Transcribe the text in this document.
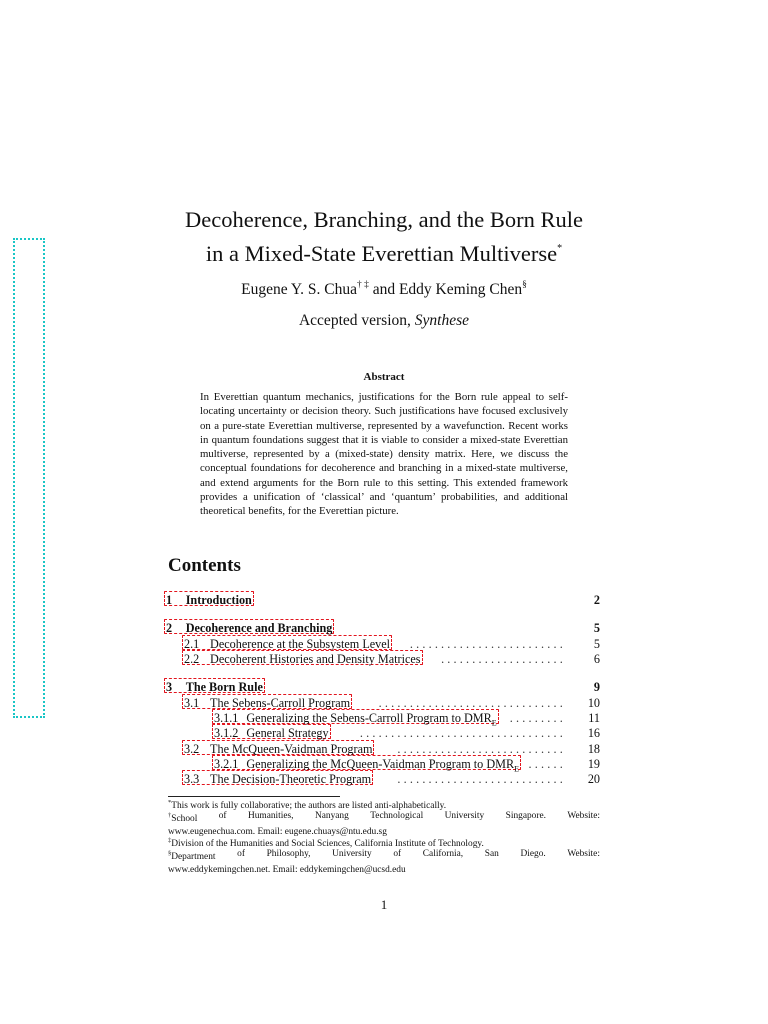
Decoherence, Branching, and the Born Rule
in a Mixed-State Everettian Multiverse*
Eugene Y. S. Chua† ‡ and Eddy Keming Chen§
Accepted version, Synthese
Abstract
In Everettian quantum mechanics, justifications for the Born rule appeal to self-locating uncertainty or decision theory. Such justifications have focused exclusively on a pure-state Everettian multiverse, represented by a wavefunction. Recent works in quantum foundations suggest that it is viable to consider a mixed-state Everettian multiverse, represented by a (mixed-state) density matrix. Here, we discuss the conceptual foundations for decoherence and branching in a mixed-state multiverse, and extend arguments for the Born rule to this setting. This extended framework provides a unification of ‘classical’ and ‘quantum’ probabilities, and additional theoretical benefits, for the Everettian picture.
Contents
1 Introduction	2
2 Decoherence and Branching	5
2.1 Decoherence at the Subsystem Level	.........................	5
2.2 Decoherent Histories and Density Matrices	....................	6
3 The Born Rule	9
3.1 The Sebens-Carroll Program	..............................	10
3.1.1 Generalizing the Sebens-Carroll Program to $DMR_E$	.........	11
3.1.2 General Strategy	.................................	16
3.2 The McQueen-Vaidman Program	...........................	18
3.2.1 Generalizing the McQueen-Vaidman Program to $DMR_E$ ......	19
3.3 The Decision-Theoretic Program	...........................	20
*This work is fully collaborative; the authors are listed anti-alphabetically.
†School of Humanities, Nanyang Technological University Singapore. Website:
www.eugenechua.com. Email: eugene.chuays@ntu.edu.sg
‡Division of the Humanities and Social Sciences, California Institute of Technology.
§Department of Philosophy, University of California, San Diego. Website:
www.eddykemingchen.net. Email: eddykemingchen@ucsd.edu
1
